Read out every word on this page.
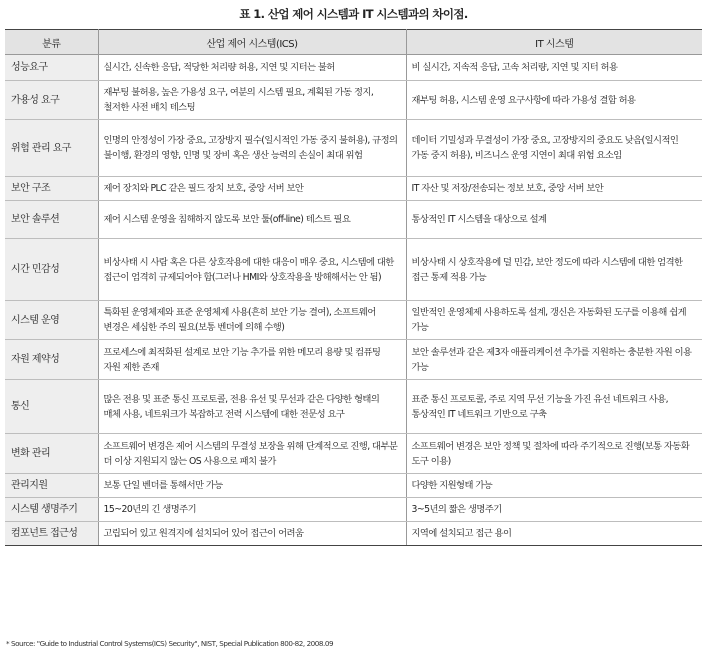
표 1. 산업 제어 시스템과 IT 시스템과의 차이점.
분류	산업 제어 시스템(ICS)	IT 시스템
성능요구	실시간, 신속한 응답, 적당한 처리량 허용, 지연 및 지터는 불허	비 실시간, 지속적 응답, 고속 처리량, 지연 및 지터 허용
가용성 요구	재부팅 불허용, 높은 가용성 요구, 여분의 시스템 필요, 계획된 가동 정지, 철저한 사전 배치 테스팅	재부팅 허용, 시스템 운영 요구사항에 따라 가용성 결함 허용
위험 관리 요구	인명의 안정성이 가장 중요, 고장방지 필수(일시적인 가동 중지 불허용), 규정의 불이행, 환경의 영향, 인명 및 장비 혹은 생산 능력의 손실이 최대 위험	데이터 기밀성과 무결성이 가장 중요, 고장방지의 중요도 낮음(일시적인 가동 중지 허용), 비즈니스 운영 지연이 최대 위험 요소임
보안 구조	제어 장치와 PLC 같은 필드 장치 보호, 중앙 서버 보안	IT 자산 및 저장/전송되는 정보 보호, 중앙 서버 보안
보안 솔루션	제어 시스템 운영을 침해하지 않도록 보안 툴(off-line) 테스트 필요	통상적인 IT 시스템을 대상으로 설계
시간 민감성	비상사태 시 사람 혹은 다른 상호작용에 대한 대응이 매우 중요, 시스템에 대한 접근이 엄격히 규제되어야 함(그러나 HMI와 상호작용을 방해해서는 안 됨)	비상사태 시 상호작용에 덜 민감, 보안 정도에 따라 시스템에 대한 엄격한 접근 통제 적용 가능
시스템 운영	특화된 운영체제와 표준 운영체제 사용(흔히 보안 기능 결여), 소프트웨어 변경은 세심한 주의 필요(보통 벤더에 의해 수행)	일반적인 운영체제 사용하도록 설계, 갱신은 자동화된 도구를 이용해 쉽게 가능
자원 제약성	프로세스에 최적화된 설계로 보안 기능 추가를 위한 메모리 용량 및 컴퓨팅 자원 제한 존재	보안 솔루션과 같은 제3자 애플리케이션 추가를 지원하는 충분한 자원 이용 가능
통신	많은 전용 및 표준 통신 프로토콜, 전용 유선 및 무선과 같은 다양한 형태의 매체 사용, 네트워크가 복잡하고 전력 시스템에 대한 전문성 요구	표준 통신 프로토콜, 주로 지역 무선 기능을 가진 유선 네트워크 사용, 통상적인 IT 네트워크 기반으로 구축
변화 관리	소프트웨어 변경은 제어 시스템의 무결성 보장을 위해 단계적으로 진행, 대부분 더 이상 지원되지 않는 OS 사용으로 패치 불가	소프트웨어 변경은 보안 정책 및 절차에 따라 주기적으로 진행(보통 자동화 도구 이용)
관리지원	보통 단일 벤더를 통해서만 가능	다양한 지원형태 가능
시스템 생명주기	15~20년의 긴 생명주기	3~5년의 짧은 생명주기
컴포넌트 접근성	고립되어 있고 원격지에 설치되어 있어 접근이 어려움	지역에 설치되고 접근 용이
* Source: "Guide to Industrial Control Systems(ICS) Security", NIST, Special Publication 800-82, 2008.09
